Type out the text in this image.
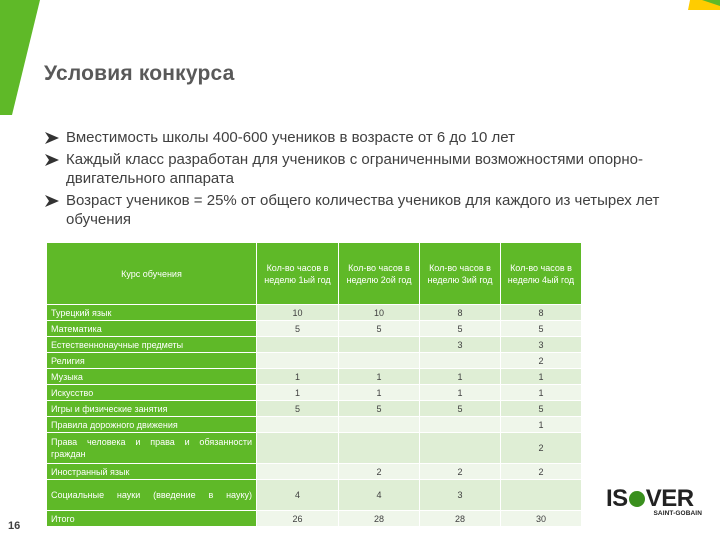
Условия конкурса
Вместимость школы 400-600 учеников в возрасте от 6 до 10 лет
Каждый класс разработан для учеников с ограниченными возможностями опорно-двигательного аппарата
Возраст учеников = 25% от общего количества учеников для каждого из четырех лет обучения
Курс обучения	Кол-во часов в неделю 1ый год	Кол-во часов в неделю 2ой год	Кол-во часов в неделю 3ий год	Кол-во часов в неделю 4ый год
Турецкий язык	10	10	8	8
Математика	5	5	5	5
Естественнонаучные предметы			3	3
Религия				2
Музыка	1	1	1	1
Искусство	1	1	1	1
Игры и физические занятия	5	5	5	5
Правила дорожного движения				1
Права человека и права и обязанности граждан				2
Иностранный язык		2	2	2
Социальные науки (введение в науку)	4	4	3	
Итого	26	28	28	30
IS VER
SAINT-GOBAIN
16
